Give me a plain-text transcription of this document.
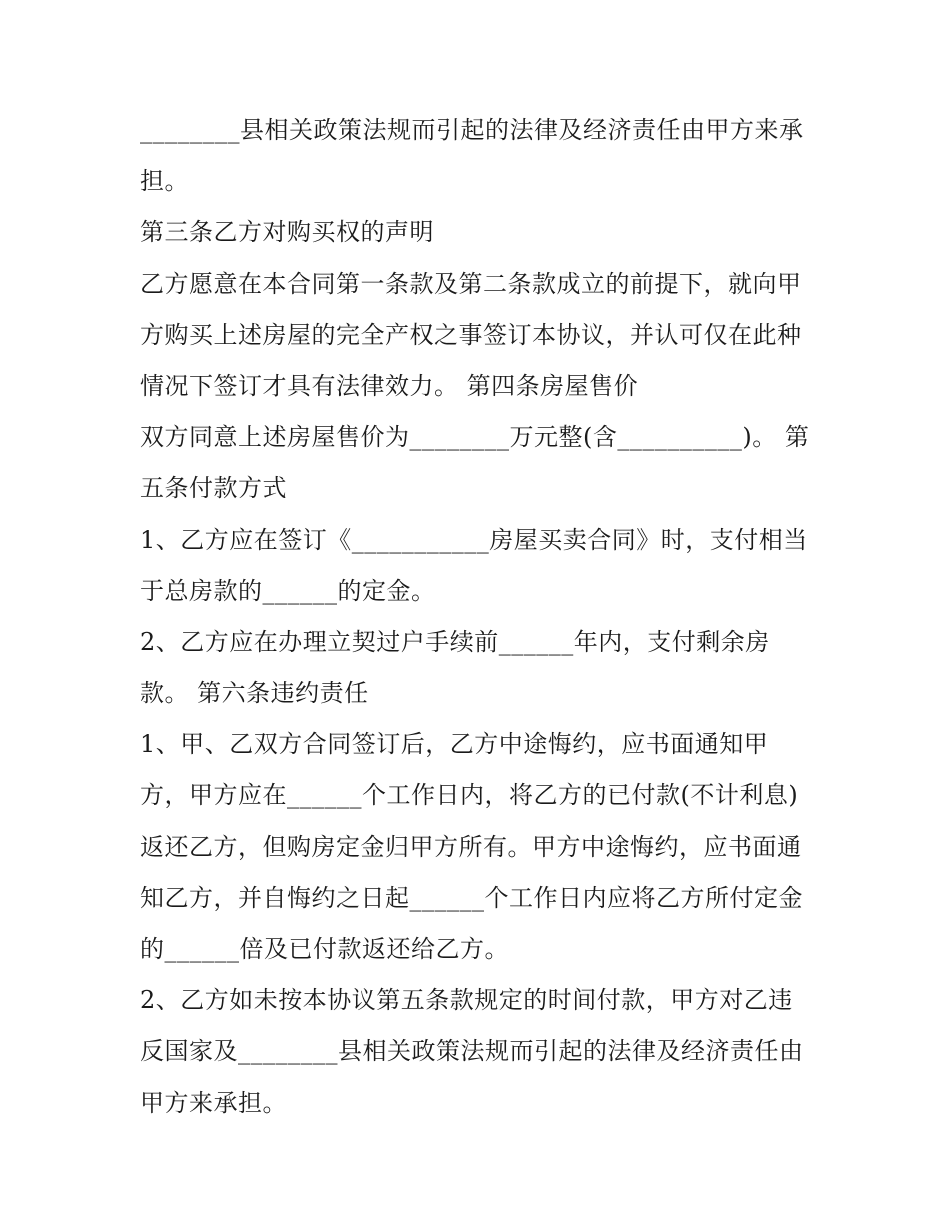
________县相关政策法规而引起的法律及经济责任由甲方来承
担。
第三条乙方对购买权的声明
乙方愿意在本合同第一条款及第二条款成立的前提下，就向甲
方购买上述房屋的完全产权之事签订本协议，并认可仅在此种
情况下签订才具有法律效力。 第四条房屋售价
双方同意上述房屋售价为________万元整(含__________)。 第
五条付款方式
1、乙方应在签订《___________房屋买卖合同》时，支付相当
于总房款的______的定金。
2、乙方应在办理立契过户手续前______年内，支付剩余房
款。 第六条违约责任
1、甲、乙双方合同签订后，乙方中途悔约，应书面通知甲
方，甲方应在______个工作日内，将乙方的已付款(不计利息)
返还乙方，但购房定金归甲方所有。甲方中途悔约，应书面通
知乙方，并自悔约之日起______个工作日内应将乙方所付定金
的______倍及已付款返还给乙方。
2、乙方如未按本协议第五条款规定的时间付款，甲方对乙违
反国家及________县相关政策法规而引起的法律及经济责任由
甲方来承担。
